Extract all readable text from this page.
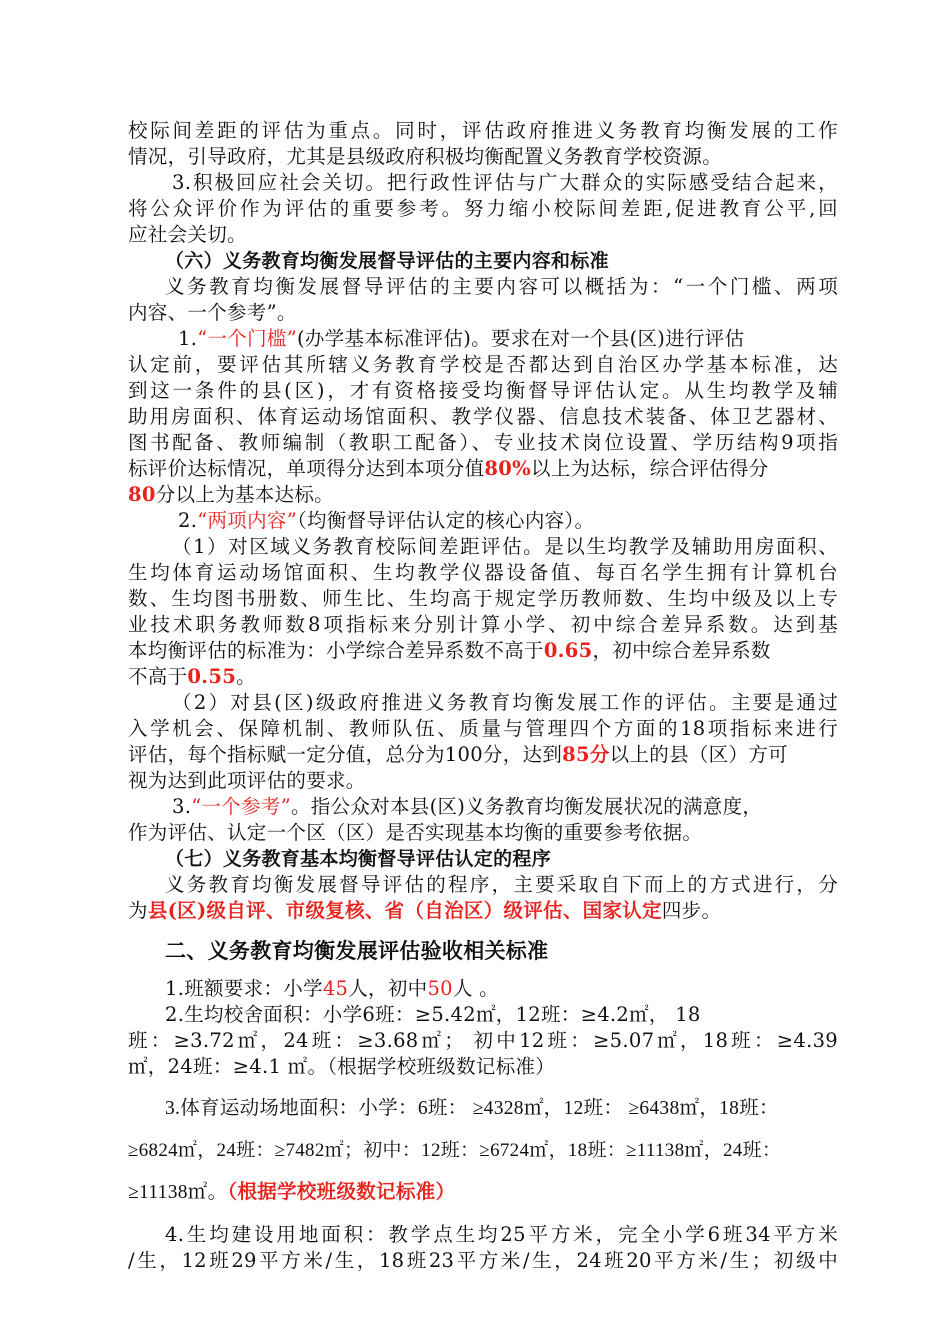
校际间差距的评估为重点。同时，评估政府推进义务教育均衡发展的工作
情况，引导政府，尤其是县级政府积极均衡配置义务教育学校资源。
3.积极回应社会关切。把行政性评估与广大群众的实际感受结合起来，
将公众评价作为评估的重要参考。努力缩小校际间差距,促进教育公平,回
应社会关切。
（六）义务教育均衡发展督导评估的主要内容和标准
义务教育均衡发展督导评估的主要内容可以概括为：“一个门槛、两项
内容、一个参考”。
1.“一个门槛”(办学基本标准评估)。要求在对一个县(区)进行评估
认定前，要评估其所辖义务教育学校是否都达到自治区办学基本标准，达
到这一条件的县(区)，才有资格接受均衡督导评估认定。从生均教学及辅
助用房面积、体育运动场馆面积、教学仪器、信息技术装备、体卫艺器材、
图书配备、教师编制（教职工配备）、专业技术岗位设置、学历结构9项指
标评价达标情况，单项得分达到本项分值80%以上为达标，综合评估得分
80分以上为基本达标。
2.“两项内容”（均衡督导评估认定的核心内容）。
（1）对区域义务教育校际间差距评估。是以生均教学及辅助用房面积、
生均体育运动场馆面积、生均教学仪器设备值、每百名学生拥有计算机台
数、生均图书册数、师生比、生均高于规定学历教师数、生均中级及以上专
业技术职务教师数8项指标来分别计算小学、初中综合差异系数。达到基
本均衡评估的标准为：小学综合差异系数不高于0.65，初中综合差异系数
不高于0.55。
（2）对县(区)级政府推进义务教育均衡发展工作的评估。主要是通过
入学机会、保障机制、教师队伍、质量与管理四个方面的18项指标来进行
评估，每个指标赋一定分值，总分为100分，达到85分以上的县（区）方可
视为达到此项评估的要求。
3.“一个参考”。指公众对本县(区)义务教育均衡发展状况的满意度，
作为评估、认定一个区（区）是否实现基本均衡的重要参考依据。
（七）义务教育基本均衡督导评估认定的程序
义务教育均衡发展督导评估的程序，主要采取自下而上的方式进行，分
为县(区)级自评、市级复核、省（自治区）级评估、国家认定四步。
二、义务教育均衡发展评估验收相关标准
1.班额要求：小学45人，初中50人 。
2.生均校舍面积：小学6班：≥5.42㎡，12班：≥4.2㎡， 18
班：≥3.72㎡，24班：≥3.68㎡； 初中12班：≥5.07㎡，18班：≥4.39
㎡，24班：≥4.1 ㎡。（根据学校班级数记标准）
3.体育运动场地面积：小学：6班： ≥4328㎡，12班： ≥6438㎡，18班：
≥6824㎡，24班：≥7482㎡；初中：12班：≥6724㎡，18班：≥11138㎡，24班：
≥11138㎡。（根据学校班级数记标准）
4.生均建设用地面积：教学点生均25平方米，完全小学6班34平方米
/生，12班29平方米/生，18班23平方米/生，24班20平方米/生；初级中
